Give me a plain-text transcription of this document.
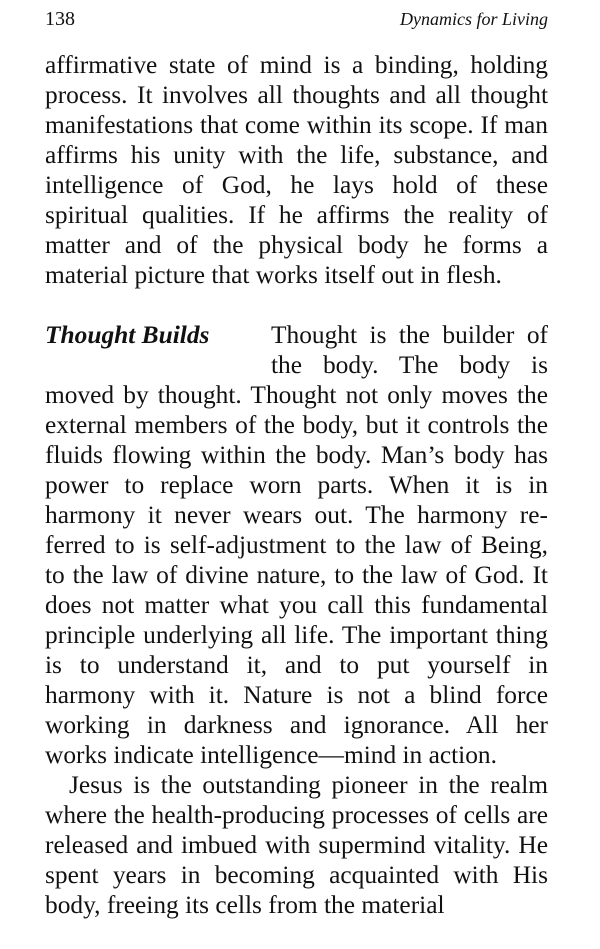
138	Dynamics for Living

affirmative state of mind is a binding, holding process. It involves all thoughts and all thought manifestations that come within its scope. If man affirms his unity with the life, substance, and intelligence of God, he lays hold of these spiritual qualities. If he affirms the reality of matter and of the physical body he forms a material picture that works itself out in flesh.

Thought Builds	Thought is the builder of the body. The body is moved by thought. Thought not only moves the external members of the body, but it controls the fluids flowing within the body. Man’s body has power to replace worn parts. When it is in harmony it never wears out. The harmony referred to is self-adjustment to the law of Being, to the law of divine nature, to the law of God. It does not matter what you call this fundamental principle underlying all life. The important thing is to understand it, and to put yourself in harmony with it. Nature is not a blind force working in darkness and ignorance. All her works indicate intelligence—mind in action.

Jesus is the outstanding pioneer in the realm where the health-producing processes of cells are released and imbued with supermind vitality. He spent years in becoming acquainted with His body, freeing its cells from the material
